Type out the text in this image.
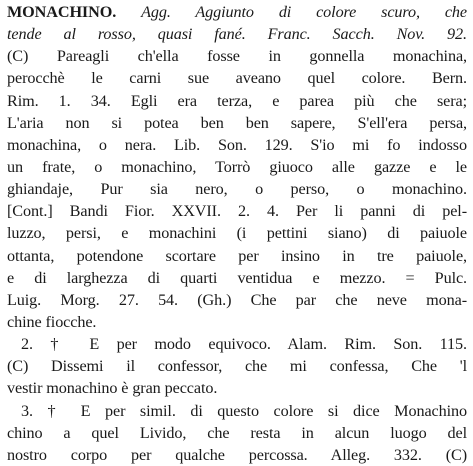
MONACHINO. Agg. Aggiunto di colore scuro, che
tende al rosso, quasi fané. Franc. Sacch. Nov. 92.
(C) Pareagli ch'ella fosse in gonnella monachina,
perocchè le carni sue aveano quel colore. Bern.
Rim. 1. 34. Egli era terza, e parea più che sera;
L'aria non si potea ben ben sapere, S'ell'era persa,
monachina, o nera. Lib. Son. 129. S'io mi fo indosso
un frate, o monachino, Torrò giuoco alle gazze e le
ghiandaje, Pur sia nero, o perso, o monachino.
[Cont.] Bandi Fior. XXVII. 2. 4. Per li panni di pel-
luzzo, persi, e monachini (i pettini siano) di paiuole
ottanta, potendone scortare per insino in tre paiuole,
e di larghezza di quarti ventidua e mezzo. = Pulc.
Luig. Morg. 27. 54. (Gh.) Che par che neve mona-
chine fiocche.
2. † E per modo equivoco. Alam. Rim. Son. 115.
(C) Dissemi il confessor, che mi confessa, Che 'l
vestir monachino è gran peccato.
3. † E per simil. di questo colore si dice Monachino
chino a quel Livido, che resta in alcun luogo del
nostro corpo per qualche percossa. Alleg. 332. (C)
